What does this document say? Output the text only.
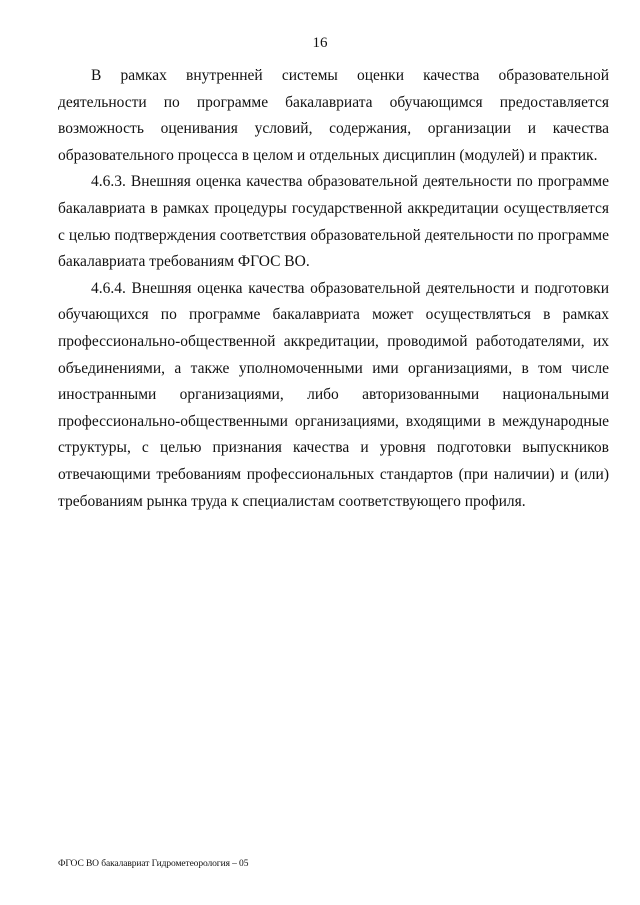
16

В рамках внутренней системы оценки качества образовательной деятельности по программе бакалавриата обучающимся предоставляется возможность оценивания условий, содержания, организации и качества образовательного процесса в целом и отдельных дисциплин (модулей) и практик.

4.6.3. Внешняя оценка качества образовательной деятельности по программе бакалавриата в рамках процедуры государственной аккредитации осуществляется с целью подтверждения соответствия образовательной деятельности по программе бакалавриата требованиям ФГОС ВО.

4.6.4. Внешняя оценка качества образовательной деятельности и подготовки обучающихся по программе бакалавриата может осуществляться в рамках профессионально-общественной аккредитации, проводимой работодателями, их объединениями, а также уполномоченными ими организациями, в том числе иностранными организациями, либо авторизованными национальными профессионально-общественными организациями, входящими в международные структуры, с целью признания качества и уровня подготовки выпускников отвечающими требованиям профессиональных стандартов (при наличии) и (или) требованиям рынка труда к специалистам соответствующего профиля.

ФГОС ВО бакалавриат Гидрометеорология – 05
